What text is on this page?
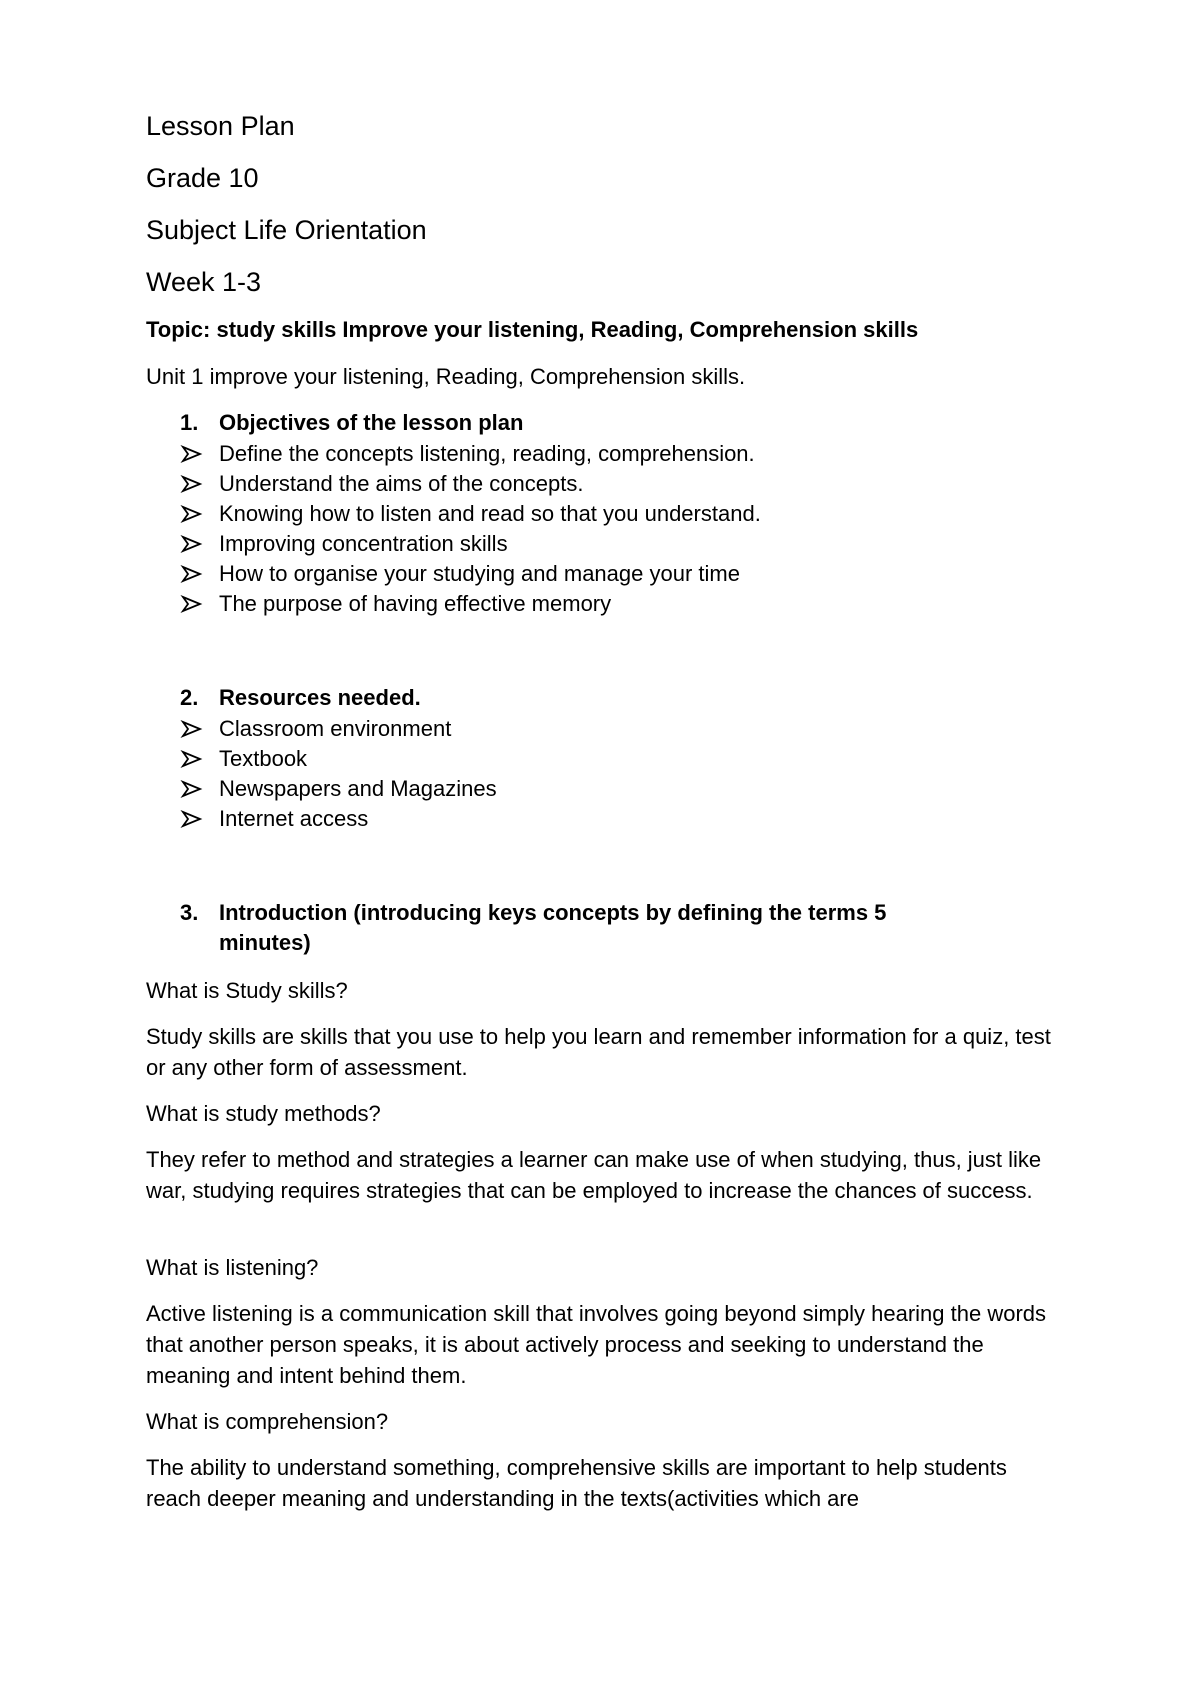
Lesson Plan
Grade 10
Subject Life Orientation
Week 1-3
Topic: study skills Improve your listening, Reading, Comprehension skills
Unit 1 improve your listening, Reading, Comprehension skills.
1. Objectives of the lesson plan
Define the concepts listening, reading, comprehension.
Understand the aims of the concepts.
Knowing how to listen and read so that you understand.
Improving concentration skills
How to organise your studying and manage your time
The purpose of having effective memory
2. Resources needed.
Classroom environment
Textbook
Newspapers and Magazines
Internet access
3. Introduction (introducing keys concepts by defining the terms 5 minutes)
What is Study skills?
Study skills are skills that you use to help you learn and remember information for a quiz, test or any other form of assessment.
What is study methods?
They refer to method and strategies a learner can make use of when studying, thus, just like war, studying requires strategies that can be employed to increase the chances of success.
What is listening?
Active listening is a communication skill that involves going beyond simply hearing the words that another person speaks, it is about actively process and seeking to understand the meaning and intent behind them.
What is comprehension?
The ability to understand something, comprehensive skills are important to help students reach deeper meaning and understanding in the texts(activities which are
